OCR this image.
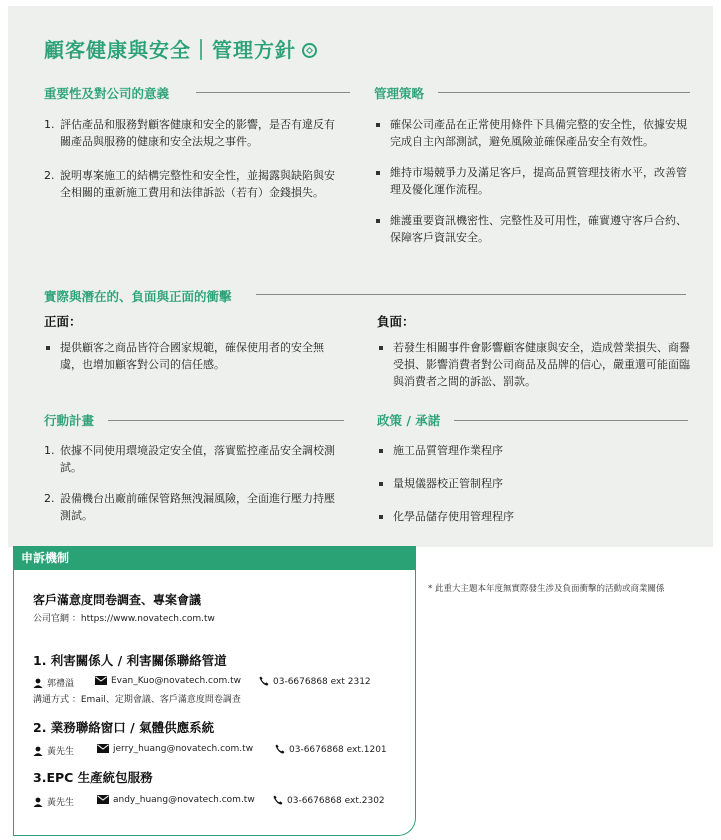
顧客健康與安全｜管理方針
重要性及對公司的意義
1. 評估產品和服務對顧客健康和安全的影響，是否有違反有關產品與服務的健康和安全法規之事件。
2. 說明專案施工的結構完整性和安全性，並揭露與缺陷與安全相關的重新施工費用和法律訴訟（若有）金錢損失。
管理策略
確保公司產品在正常使用條件下具備完整的安全性，依據安規完成自主內部測試，避免風險並確保產品安全有效性。
維持市場競爭力及滿足客戶，提高品質管理技術水平，改善管理及優化運作流程。
維護重要資訊機密性、完整性及可用性，確實遵守客戶合約、保障客戶資訊安全。
實際與潛在的、負面與正面的衝擊
正面：
提供顧客之商品皆符合國家規範，確保使用者的安全無虞，也增加顧客對公司的信任感。
負面：
若發生相關事件會影響顧客健康與安全，造成營業損失、商譽受損、影響消費者對公司商品及品牌的信心，嚴重還可能面臨與消費者之間的訴訟、罰款。
行動計畫
1. 依據不同使用環境設定安全值，落實監控產品安全調校測試。
2. 設備機台出廠前確保管路無洩漏風險，全面進行壓力持壓測試。
政策 / 承諾
施工品質管理作業程序
量規儀器校正管制程序
化學品儲存使用管理程序
申訴機制
客戶滿意度問卷調查、專案會議
公司官網 ：https://www.novatech.com.tw
1. 利害關係人 / 利害關係聯絡管道
郭禮溢	Evan_Kuo@novatech.com.tw	03-6676868 ext 2312
溝通方式 ：Email、定期會議、客戶滿意度問卷調查
2. 業務聯絡窗口 / 氣體供應系統
黃先生	jerry_huang@novatech.com.tw	03-6676868 ext.1201
3.EPC 生產統包服務
黃先生	andy_huang@novatech.com.tw	03-6676868 ext.2302
* 此重大主題本年度無實際發生涉及負面衝擊的活動或商業關係
